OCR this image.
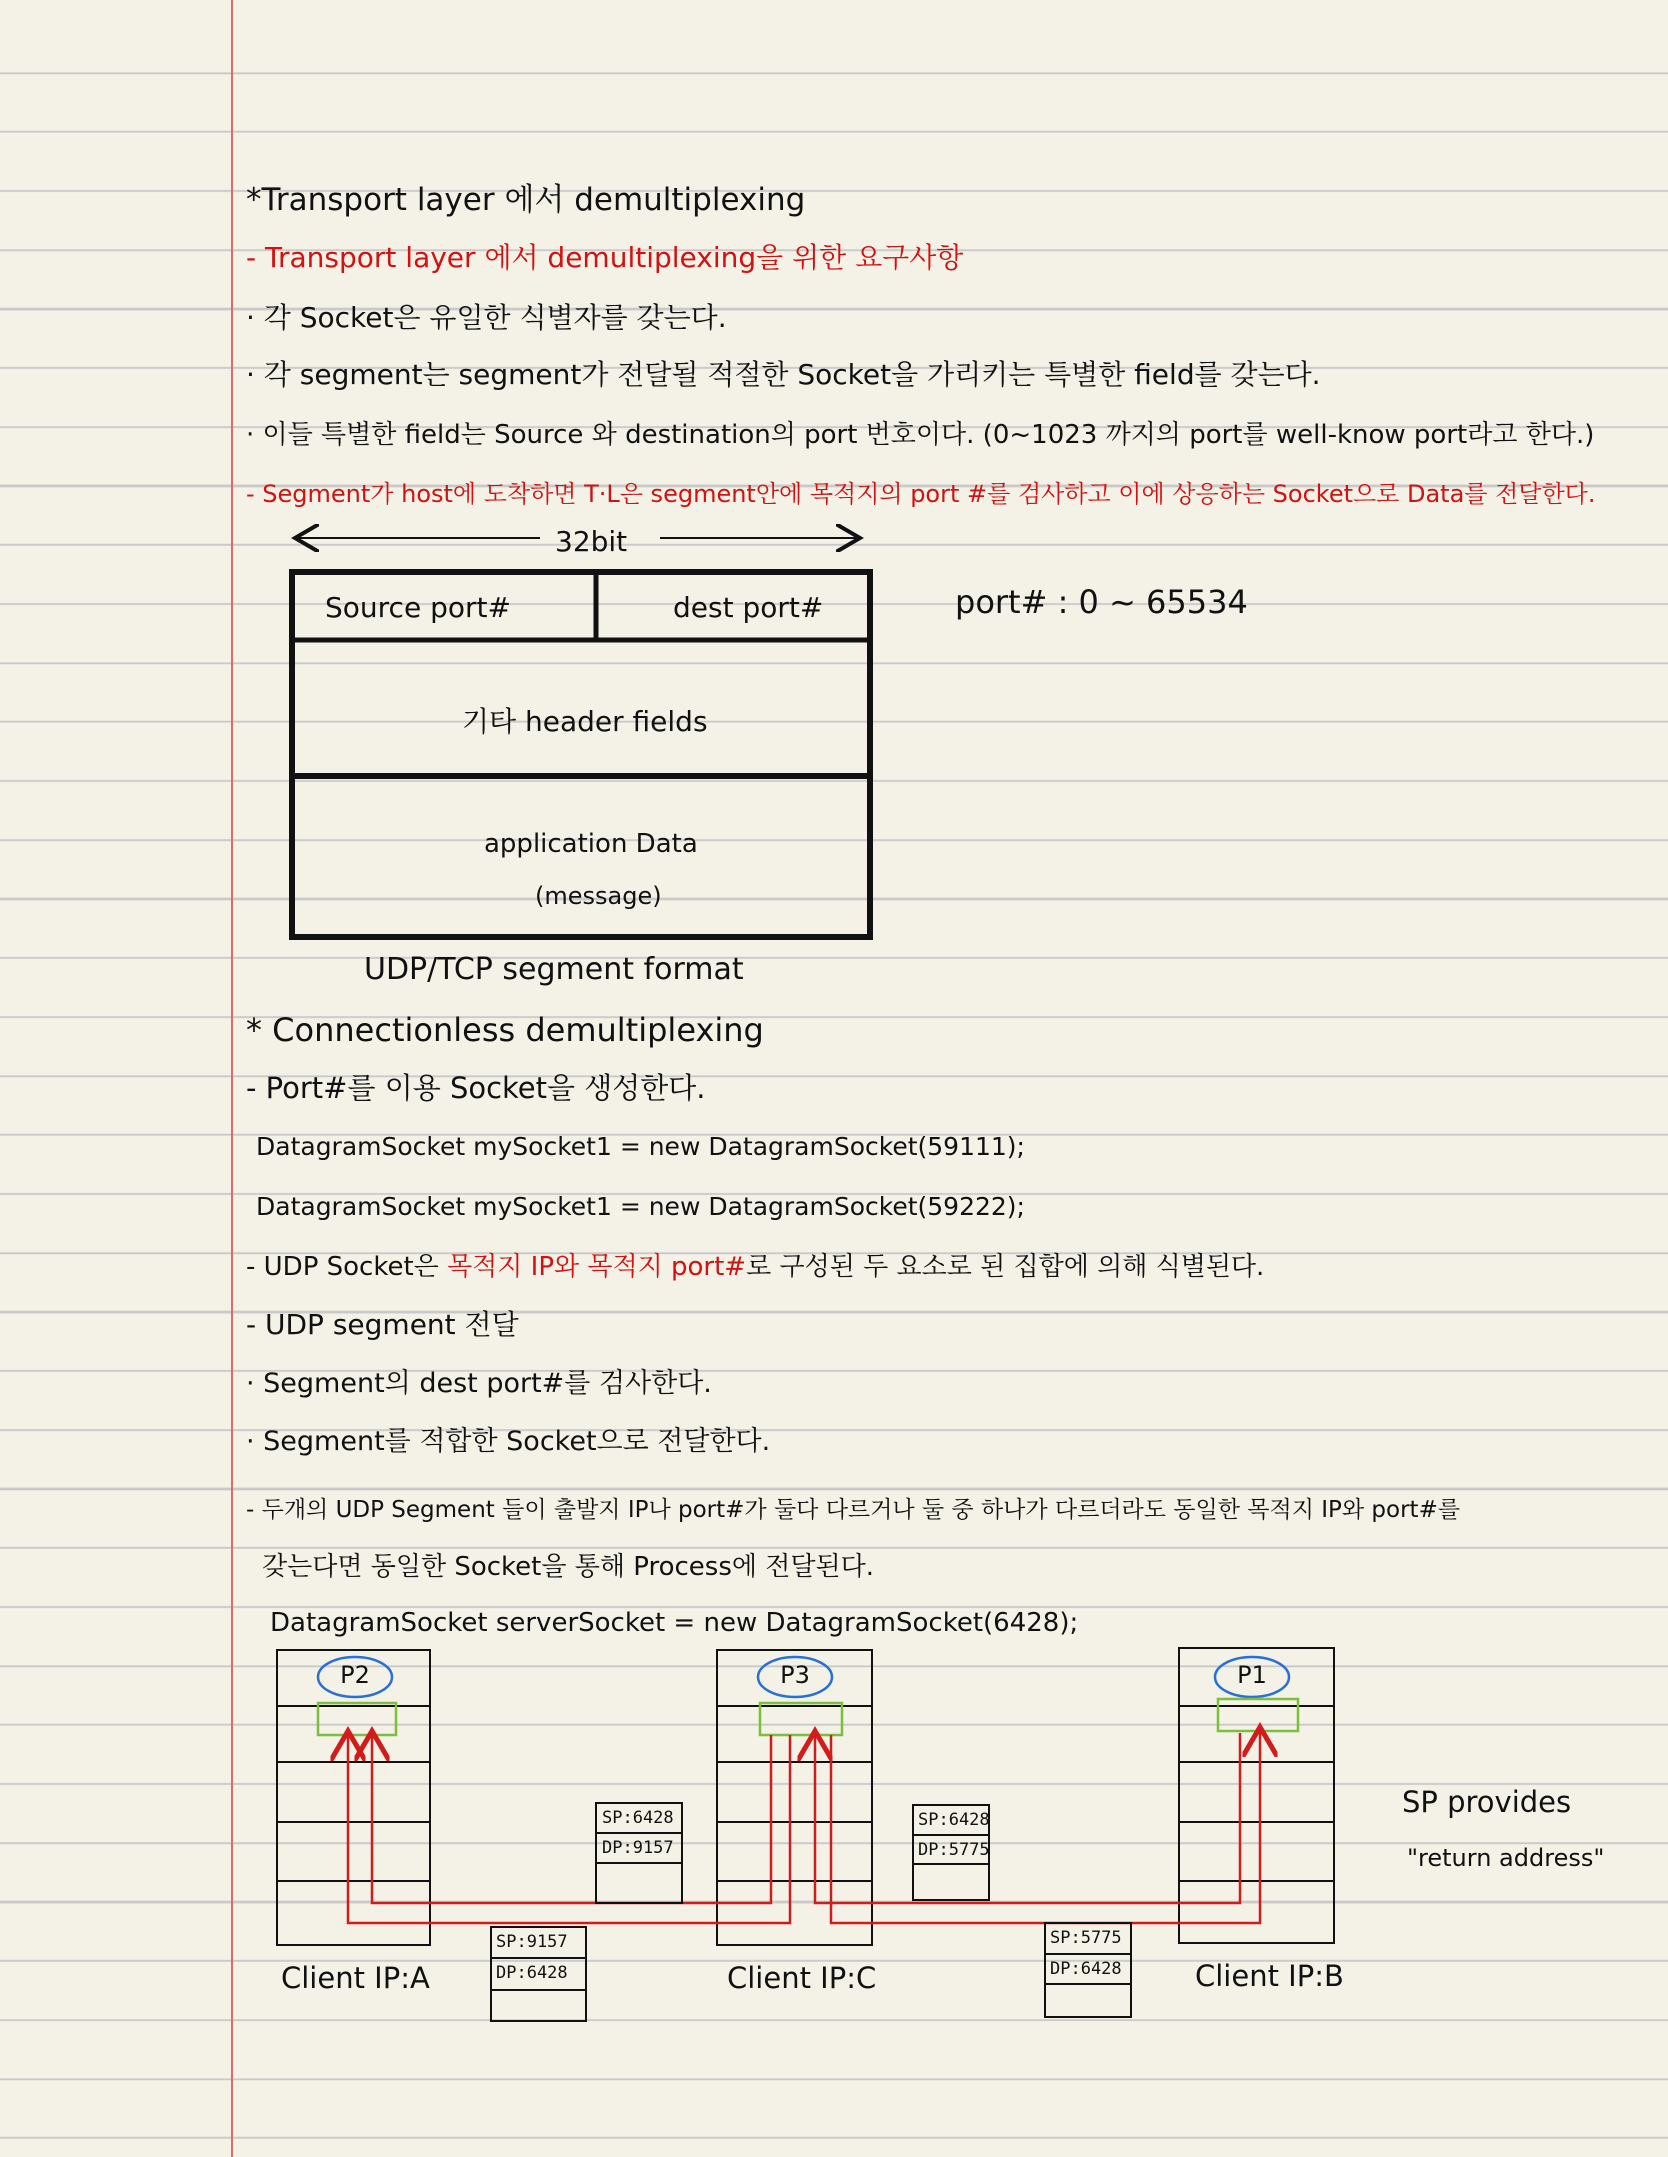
*Transport layer 에서 demultiplexing
- Transport layer 에서 demultiplexing을 위한 요구사항
· 각 Socket은 유일한 식별자를 갖는다.
· 각 segment는 segment가 전달될 적절한 Socket을 가리키는 특별한 field를 갖는다.
· 이들 특별한 field는 Source 와 destination의 port 번호이다. (0~1023 까지의 port를 well-know port라고 한다.)
- Segment가 host에 도착하면 T·L은 segment안에 목적지의 port #를 검사하고 이에 상응하는 Socket으로 Data를 전달한다.
32bit
port# : 0 ~ 65534
Source port#	dest port#
기타 header fields
application Data
(message)
UDP/TCP segment format
* Connectionless demultiplexing
- Port#를 이용 Socket을 생성한다.
DatagramSocket mySocket1 = new DatagramSocket(59111);
DatagramSocket mySocket1 = new DatagramSocket(59222);
- UDP Socket은 목적지 IP와 목적지 port#로 구성된 두 요소로 된 집합에 의해 식별된다.
- UDP segment 전달
· Segment의 dest port#를 검사한다.
· Segment를 적합한 Socket으로 전달한다.
- 두개의 UDP Segment 들이 출발지 IP나 port#가 둘다 다르거나 둘 중 하나가 다르더라도 동일한 목적지 IP와 port#를
갖는다면 동일한 Socket을 통해 Process에 전달된다.
DatagramSocket serverSocket = new DatagramSocket(6428);
P2	P3	P1
SP:6428
DP:9157
SP:6428
DP:5775
SP:9157
DP:6428
SP:5775
DP:6428
Client IP:A	Client IP:C	Client IP:B
SP provides
"return address"
